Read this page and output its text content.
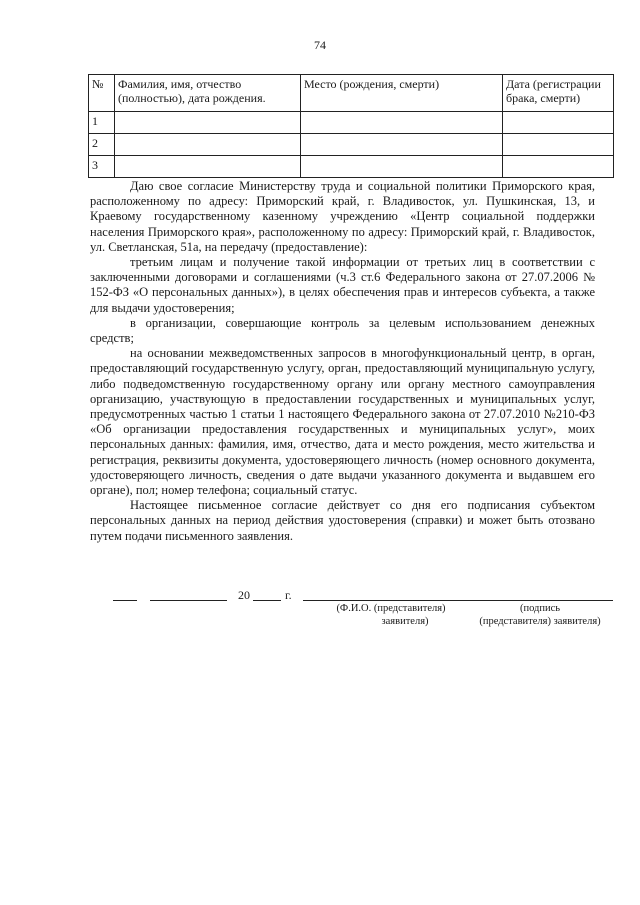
74
№	Фамилия, имя, отчество (полностью), дата рождения.	Место (рождения, смерти)	Дата (регистрации брака, смерти)
1			
2			
3			

Даю свое согласие Министерству труда и социальной политики Приморского края, расположенному по адресу: Приморский край, г. Владивосток, ул. Пушкинская, 13, и Краевому государственному казенному учреждению «Центр социальной поддержки населения Приморского края», расположенному по адресу: Приморский край, г. Владивосток, ул. Светланская, 51а, на передачу (предоставление):

третьим лицам и получение такой информации от третьих лиц в соответствии с заключенными договорами и соглашениями (ч.3 ст.6 Федерального закона от 27.07.2006 № 152-ФЗ «О персональных данных»), в целях обеспечения прав и интересов субъекта, а также для выдачи удостоверения;

в организации, совершающие контроль за целевым использованием денежных средств;

на основании межведомственных запросов в многофункциональный центр, в орган, предоставляющий государственную услугу, орган, предоставляющий муниципальную услугу, либо подведомственную государственному органу или органу местного самоуправления организацию, участвующую в предоставлении государственных и муниципальных услуг, предусмотренных частью 1 статьи 1 настоящего Федерального закона от 27.07.2010 №210-ФЗ «Об организации предоставления государственных и муниципальных услуг», моих персональных данных: фамилия, имя, отчество, дата и место рождения, место жительства и регистрация, реквизиты документа, удостоверяющего личность (номер основного документа, удостоверяющего личность, сведения о дате выдачи указанного документа и выдавшем его органе), пол; номер телефона; социальный статус.

Настоящее письменное согласие действует со дня его подписания субъектом персональных данных на период действия удостоверения (справки) и может быть отозвано путем подачи письменного заявления.

20	г.
(Ф.И.О. (представителя)
заявителя)
(подпись
(представителя) заявителя)
